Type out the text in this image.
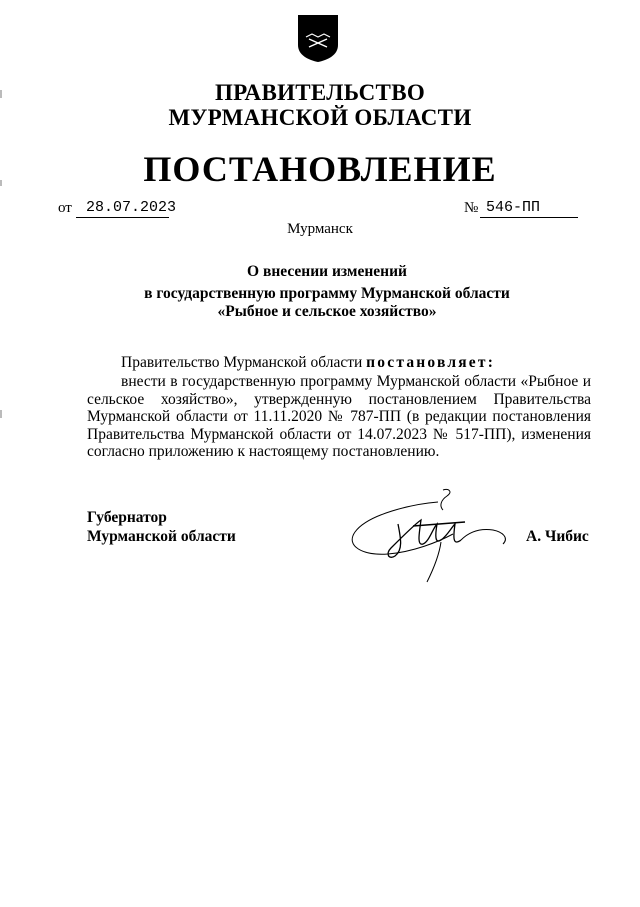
ПРАВИТЕЛЬСТВО
МУРМАНСКОЙ ОБЛАСТИ
ПОСТАНОВЛЕНИЕ
от 28.07.2023	№ 546-ПП
Мурманск
О внесении изменений
в государственную программу Мурманской области
«Рыбное и сельское хозяйство»
Правительство Мурманской области постановляет:
внести в государственную программу Мурманской области «Рыбное и сельское хозяйство», утвержденную постановлением Правительства Мурманской области от 11.11.2020 № 787-ПП (в редакции постановления Правительства Мурманской области от 14.07.2023 № 517-ПП), изменения согласно приложению к настоящему постановлению.
Губернатор
Мурманской области	А. Чибис
